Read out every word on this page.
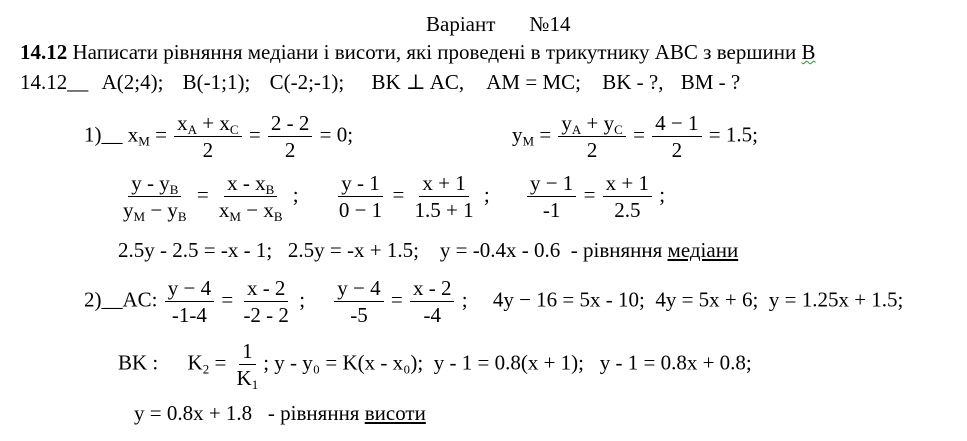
Варіант №14
14.12 Написати рівняння медіани і висоти, які проведені в трикутнику АВС з вершини В
14.12__ A(2;4); B(-1;1); C(-2;-1); BK ⊥ AC, AM = MC; BK - ?, BM - ?
1)__ $x_M = \frac{x_A + x_C}{2} = \frac{2 - 2}{2} = 0$;	$y_M = \frac{y_A + y_C}{2} = \frac{4 - 1}{2} = 1.5$;
$\frac{y - y_B}{y_M - y_B} = \frac{x - x_B}{x_M - x_B}$ ; $\frac{y - 1}{0 - 1} = \frac{x + 1}{1.5 + 1}$ ; $\frac{y - 1}{-1} = \frac{x + 1}{2.5}$ ;
2.5y - 2.5 = -x - 1;   2.5y = -x + 1.5;    y = -0.4x - 0.6  - рівняння медіани
2)__AC: $\frac{y - 4}{-1-4} = \frac{x - 2}{-2 - 2}$ ; $\frac{y - 4}{-5} = \frac{x - 2}{-4}$ ; 4y − 16 = 5x - 10;  4y = 5x + 6;  y = 1.25x + 1.5;
BK : $K_2 = \frac{1}{K_1}$ ; y - y₀ = K(x - x₀);  y - 1 = 0.8(x + 1);   y - 1 = 0.8x + 0.8;
y = 0.8x + 1.8   - рівняння висоти
